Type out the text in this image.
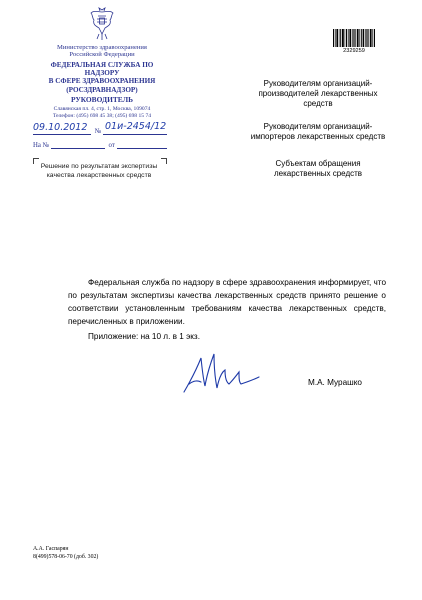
Министерство здравоохранения
Российской Федерации
ФЕДЕРАЛЬНАЯ СЛУЖБА ПО НАДЗОРУ
В СФЕРЕ ЗДРАВООХРАНЕНИЯ
(РОСЗДРАВНАДЗОР)
РУКОВОДИТЕЛЬ
Славянская пл. 4, стр. 1, Москва, 109074
Телефон: (495) 698 45 38; (495) 698 15 74
№
09.10.2012 01и-2454/12
На №	от
Решение по результатам экспертизы
качества лекарственных средств
2329259
Руководителям организаций-
производителей лекарственных
средств
Руководителям организаций-
импортеров лекарственных средств
Субъектам обращения
лекарственных средств
Федеральная служба по надзору в сфере здравоохранения информирует, что по результатам экспертизы качества лекарственных средств принято решение о соответствии установленным требованиям качества лекарственных средств, перечисленных в приложении.
Приложение: на 10 л. в 1 экз.
М.А. Мурашко
А.А. Гаспарян
8(499)578-06-70 (доб. 302)
